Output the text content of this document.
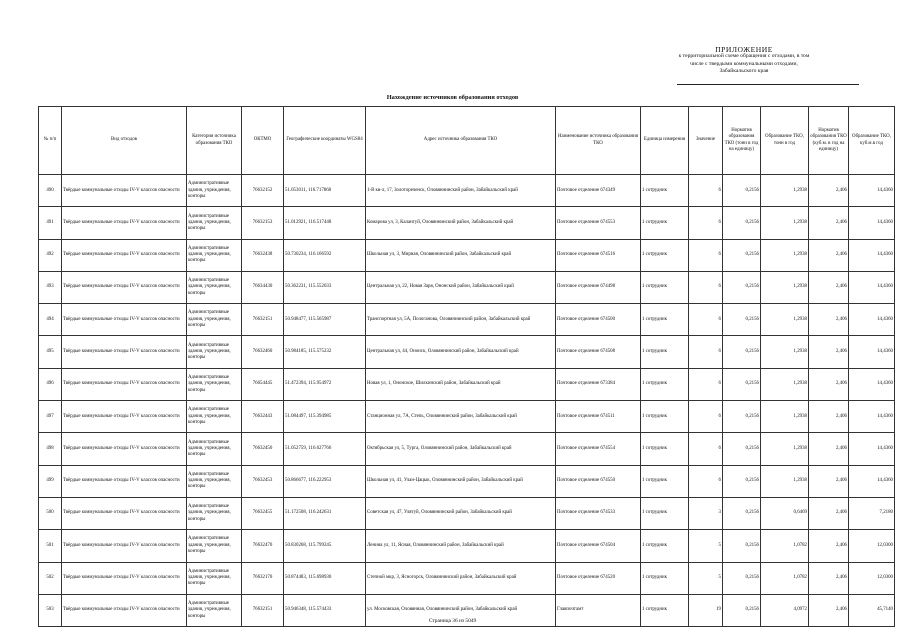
ПРИЛОЖЕНИЕ
к территориальной схеме обращения с отходами, в том
числе с твердыми коммунальными отходами,
Забайкальского края
Нахождение источников образования отходов
№ п/п	Вид отходов	Категория источника образования ТКО	ОКТМО	Географические координаты WGS84	Адрес источника образования ТКО	Наименование источника образования ТКО	Единица измерения	Значение	Норматив образования ТКО (тонн в год на единицу)	Образование ТКО, тонн в год	Норматив образования ТКО (куб.м. в год на единицу)	Образование ТКО, куб.м.в год
490	Твёрдые коммунальные отходы IV-V классов опасности	Административные здания, учреждения, конторы	76632152	51.053011, 116.717868	1-В кв-л, 17, Золотореченск, Оловяннинский район, Забайкальский край	Почтовое отделение 674349	1 сотрудник	6	0,2156	1,2938	2,406	14,4360
491	Твёрдые коммунальные отходы IV-V классов опасности	Административные здания, учреждения, конторы	76632153	51.012921, 116.517448	Комарова ул, 3, Калангуй, Оловяннинский район, Забайкальский край	Почтовое отделение 674553	1 сотрудник	6	0,2156	1,2938	2,406	14,4360
492	Твёрдые коммунальные отходы IV-V классов опасности	Административные здания, учреждения, конторы	76632438	50.730234, 116.166592	Школьная ул, 3, Мирная, Оловяннинский район, Забайкальский край	Почтовое отделение 674516	1 сотрудник	6	0,2156	1,2938	2,406	14,4360
493	Твёрдые коммунальные отходы IV-V классов опасности	Административные здания, учреждения, конторы	76634430	50.362231, 115.552033	Центральная ул, 22, Новая Заря, Ононский район, Забайкальский край	Почтовое отделение 674498	1 сотрудник	6	0,2156	1,2938	2,406	14,4360
494	Твёрдые коммунальные отходы IV-V классов опасности	Административные здания, учреждения, конторы	76632151	50.948477, 115.565987	Транспортная ул, 5А, Пологанова, Оловяннинский район, Забайкальский край	Почтовое отделение 674500	1 сотрудник	6	0,2156	1,2938	2,406	14,4360
495	Твёрдые коммунальные отходы IV-V классов опасности	Административные здания, учреждения, конторы	76632460	50.984185, 115.575232	Центральная ул, 44, Ононск, Оловяннинский район, Забайкальский край	Почтовое отделение 674508	1 сотрудник	6	0,2156	1,2938	2,406	14,4360
496	Твёрдые коммунальные отходы IV-V классов опасности	Административные здания, учреждения, конторы	76654445	51.472394, 115.954972	Новая ул, 1, Ононское, Шилкинский район, Забайкальский край	Почтовое отделение 673384	1 сотрудник	6	0,2156	1,2938	2,406	14,4360
497	Твёрдые коммунальные отходы IV-V классов опасности	Административные здания, учреждения, конторы	76632443	51.084497, 115.394985	Станционная ул, 7А, Степь, Оловяннинский район, Забайкальский край	Почтовое отделение 674511	1 сотрудник	6	0,2156	1,2938	2,406	14,4360
498	Твёрдые коммунальные отходы IV-V классов опасности	Административные здания, учреждения, конторы	76632450	51.052759, 116.627766	Октябрьская ул, 5, Турга, Оловяннинский район, Забайкальский край	Почтовое отделение 674554	1 сотрудник	6	0,2156	1,2938	2,406	14,4360
499	Твёрдые коммунальные отходы IV-V классов опасности	Административные здания, учреждения, конторы	76632453	50.866677, 116.222953	Школьная ул, 41, Улан-Цацык, Оловяннинский район, Забайкальский край	Почтовое отделение 674550	1 сотрудник	6	0,2156	1,2938	2,406	14,4360
500	Твёрдые коммунальные отходы IV-V классов опасности	Административные здания, учреждения, конторы	76632455	51.172508, 116.242631	Советская ул, 47, Улятуй, Оловяннинский район, Забайкальский край	Почтовое отделение 674533	1 сотрудник	3	0,2156	0,6469	2,406	7,2180
501	Твёрдые коммунальные отходы IV-V классов опасности	Административные здания, учреждения, конторы	76632470	50.830268, 115.799245	Ленина ул, 11, Ясная, Оловяннинский район, Забайкальский край	Почтовое отделение 674504	1 сотрудник	5	0,2156	1,0782	2,406	12,0300
502	Твёрдые коммунальные отходы IV-V классов опасности	Административные здания, учреждения, конторы	76632170	50.874483, 115.698930	Степной мкр, 3, Ясногорск, Оловяннинский район, Забайкальский край	Почтовое отделение 674520	1 сотрудник	5	0,2156	1,0782	2,406	12,0300
503	Твёрдые коммунальные отходы IV-V классов опасности	Административные здания, учреждения, конторы	76632151	50.946348, 115.574433	ул. Московская, Оловянная, Оловяннинский район, Забайкальский край	Главпочтамт	1 сотрудник	19	0,2156	4,0972	2,406	45,7140
Страница 36 из 5049
